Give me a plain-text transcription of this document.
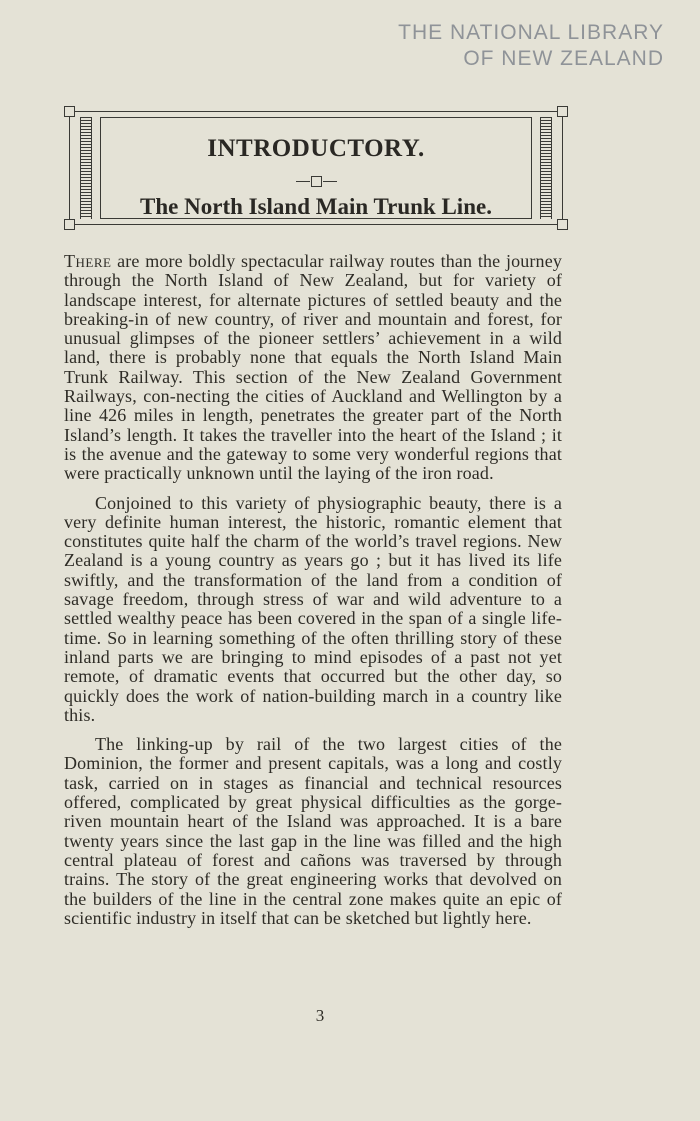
THE NATIONAL LIBRARY
OF NEW ZEALAND
INTRODUCTORY.
The North Island Main Trunk Line.

There are more boldly spectacular railway routes than the journey through the North Island of New Zealand, but for variety of landscape interest, for alternate pictures of settled beauty and the breaking-in of new country, of river and mountain and forest, for unusual glimpses of the pioneer settlers’ achievement in a wild land, there is probably none that equals the North Island Main Trunk Railway. This section of the New Zealand Government Railways, con-necting the cities of Auckland and Wellington by a line 426 miles in length, penetrates the greater part of the North Island’s length. It takes the traveller into the heart of the Island ; it is the avenue and the gateway to some very wonderful regions that were practically unknown until the laying of the iron road.

Conjoined to this variety of physiographic beauty, there is a very definite human interest, the historic, romantic element that constitutes quite half the charm of the world’s travel regions. New Zealand is a young country as years go ; but it has lived its life swiftly, and the transformation of the land from a condition of savage freedom, through stress of war and wild adventure to a settled wealthy peace has been covered in the span of a single life-time. So in learning something of the often thrilling story of these inland parts we are bringing to mind episodes of a past not yet remote, of dramatic events that occurred but the other day, so quickly does the work of nation-building march in a country like this.

The linking-up by rail of the two largest cities of the Dominion, the former and present capitals, was a long and costly task, carried on in stages as financial and technical resources offered, complicated by great physical difficulties as the gorge-riven mountain heart of the Island was approached. It is a bare twenty years since the last gap in the line was filled and the high central plateau of forest and cañons was traversed by through trains. The story of the great engineering works that devolved on the builders of the line in the central zone makes quite an epic of scientific industry in itself that can be sketched but lightly here.

3
